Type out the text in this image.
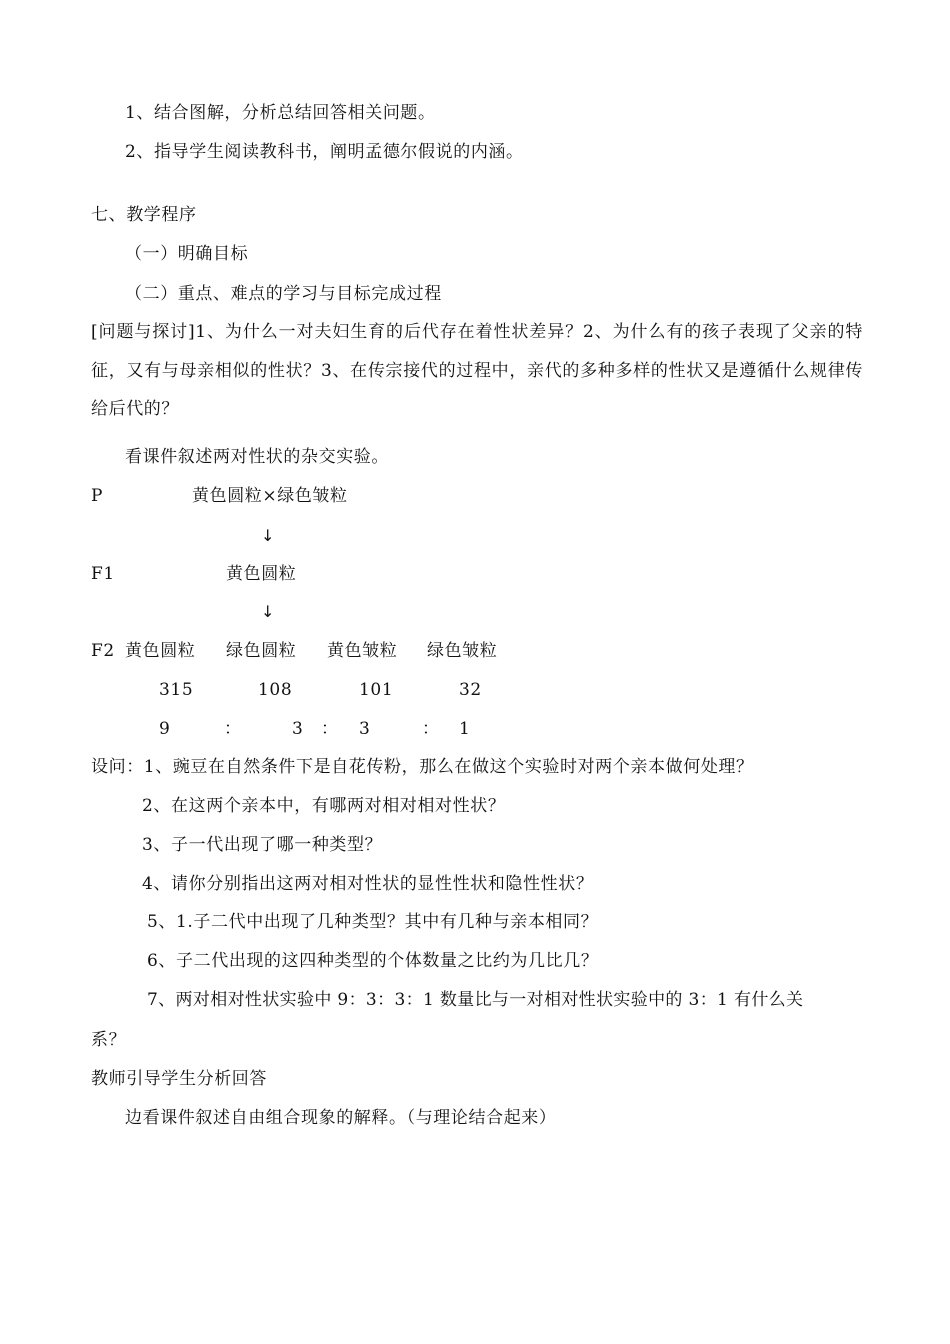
1、结合图解，分析总结回答相关问题。
2、指导学生阅读教科书，阐明孟德尔假说的内涵。
七、教学程序
（一）明确目标
（二）重点、难点的学习与目标完成过程
[问题与探讨]1、为什么一对夫妇生育的后代存在着性状差异？2、为什么有的孩子表现了父亲的特征，又有与母亲相似的性状？3、在传宗接代的过程中，亲代的多种多样的性状又是遵循什么规律传给后代的？
看课件叙述两对性状的杂交实验。
P	黄色圆粒×绿色皱粒
↓
F1	黄色圆粒
↓
F2 黄色圆粒 绿色圆粒 黄色皱粒 绿色皱粒
315	108	101	32
9	：	3 ： 3	： 1
设问：1、豌豆在自然条件下是自花传粉，那么在做这个实验时对两个亲本做何处理？
2、在这两个亲本中，有哪两对相对相对性状？
3、子一代出现了哪一种类型？
4、请你分别指出这两对相对性状的显性性状和隐性性状？
5、1.子二代中出现了几种类型？其中有几种与亲本相同？
6、子二代出现的这四种类型的个体数量之比约为几比几？
7、两对相对性状实验中 9：3：3：1 数量比与一对相对性状实验中的 3：1 有什么关
系？
教师引导学生分析回答
边看课件叙述自由组合现象的解释。（与理论结合起来）
